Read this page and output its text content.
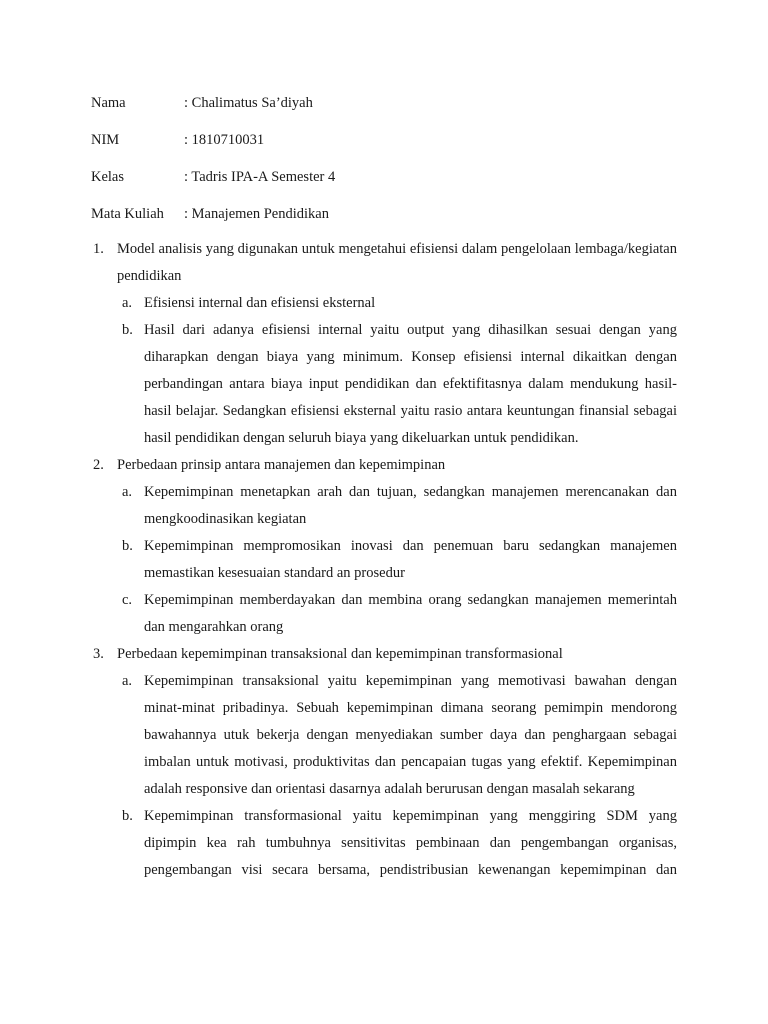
Nama	: Chalimatus Sa’diyah
NIM	: 1810710031
Kelas	: Tadris IPA-A Semester 4
Mata Kuliah : Manajemen Pendidikan
1. Model analisis yang digunakan untuk mengetahui efisiensi dalam pengelolaan lembaga/kegiatan pendidikan
a. Efisiensi internal dan efisiensi eksternal
b. Hasil dari adanya efisiensi internal yaitu output yang dihasilkan sesuai dengan yang diharapkan dengan biaya yang minimum. Konsep efisiensi internal dikaitkan dengan perbandingan antara biaya input pendidikan dan efektifitasnya dalam mendukung hasil-hasil belajar. Sedangkan efisiensi eksternal yaitu rasio antara keuntungan finansial sebagai hasil pendidikan dengan seluruh biaya yang dikeluarkan untuk pendidikan.
2. Perbedaan prinsip antara manajemen dan kepemimpinan
a. Kepemimpinan menetapkan arah dan tujuan, sedangkan manajemen merencanakan dan mengkoodinasikan kegiatan
b. Kepemimpinan mempromosikan inovasi dan penemuan baru sedangkan manajemen memastikan kesesuaian standard an prosedur
c. Kepemimpinan memberdayakan dan membina orang sedangkan manajemen memerintah dan mengarahkan orang
3. Perbedaan kepemimpinan transaksional dan kepemimpinan transformasional
a. Kepemimpinan transaksional yaitu kepemimpinan yang memotivasi bawahan dengan minat-minat pribadinya. Sebuah kepemimpinan dimana seorang pemimpin mendorong bawahannya utuk bekerja dengan menyediakan sumber daya dan penghargaan sebagai imbalan untuk motivasi, produktivitas dan pencapaian tugas yang efektif. Kepemimpinan adalah responsive dan orientasi dasarnya adalah berurusan dengan masalah sekarang
b. Kepemimpinan transformasional yaitu kepemimpinan yang menggiring SDM yang dipimpin kea rah tumbuhnya sensitivitas pembinaan dan pengembangan organisas, pengembangan visi secara bersama, pendistribusian kewenangan kepemimpinan dan
